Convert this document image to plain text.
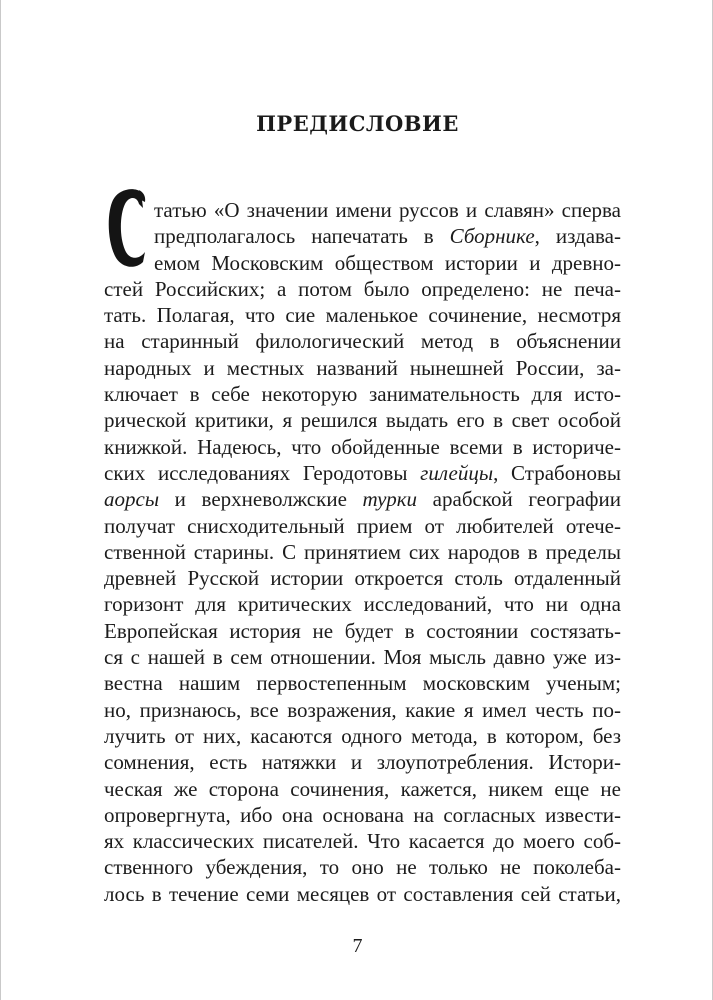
ПРЕДИСЛОВИЕ
татью «О значении имени руссов и славян» сперва
предполагалось напечатать в Сборнике, издава-
емом Московским обществом истории и древно-
стей Российских; а потом было определено: не печа-
тать. Полагая, что сие маленькое сочинение, несмотря
на старинный филологический метод в объяснении
народных и местных названий нынешней России, за-
ключает в себе некоторую занимательность для исто-
рической критики, я решился выдать его в свет особой
книжкой. Надеюсь, что обойденные всеми в историче-
ских исследованиях Геродотовы гилейцы, Страбоновы
аорсы и верхневолжские турки арабской географии
получат снисходительный прием от любителей отече-
ственной старины. С принятием сих народов в пределы
древней Русской истории откроется столь отдаленный
горизонт для критических исследований, что ни одна
Европейская история не будет в состоянии состязать-
ся с нашей в сем отношении. Моя мысль давно уже из-
вестна нашим первостепенным московским ученым;
но, признаюсь, все возражения, какие я имел честь по-
лучить от них, касаются одного метода, в котором, без
сомнения, есть натяжки и злоупотребления. Истори-
ческая же сторона сочинения, кажется, никем еще не
опровергнута, ибо она основана на согласных извести-
ях классических писателей. Что касается до моего соб-
ственного убеждения, то оно не только не поколеба-
лось в течение семи месяцев от составления сей статьи,
7
